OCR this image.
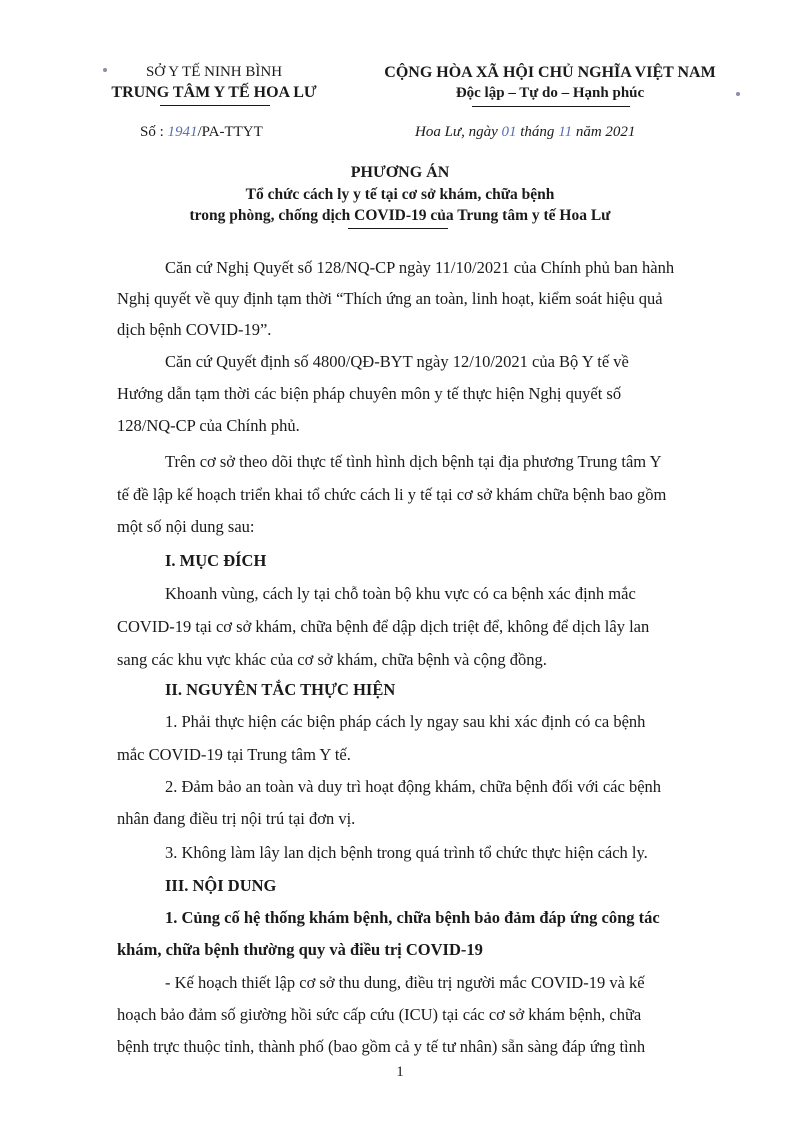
SỞ Y TẾ NINH BÌNH
TRUNG TÂM Y TẾ HOA LƯ
CỘNG HÒA XÃ HỘI CHỦ NGHĨA VIỆT NAM
Độc lập – Tự do – Hạnh phúc
Số : 1941/PA-TTYT	Hoa Lư, ngày 01 tháng 11 năm 2021
PHƯƠNG ÁN
Tổ chức cách ly y tế tại cơ sở khám, chữa bệnh
trong phòng, chống dịch COVID-19 của Trung tâm y tế Hoa Lư
Căn cứ Nghị Quyết số 128/NQ-CP ngày 11/10/2021 của Chính phủ ban hành
Nghị quyết về quy định tạm thời “Thích ứng an toàn, linh hoạt, kiểm soát hiệu quả
dịch bệnh COVID-19”.
Căn cứ Quyết định số 4800/QĐ-BYT ngày 12/10/2021 của Bộ Y tế về
Hướng dẫn tạm thời các biện pháp chuyên môn y tế thực hiện Nghị quyết số
128/NQ-CP của Chính phủ.
Trên cơ sở theo dõi thực tế tình hình dịch bệnh tại địa phương Trung tâm Y
tế đề lập kế hoạch triển khai tổ chức cách li y tế tại cơ sở khám chữa bệnh bao gồm
một số nội dung sau:
I. MỤC ĐÍCH
Khoanh vùng, cách ly tại chỗ toàn bộ khu vực có ca bệnh xác định mắc
COVID-19 tại cơ sở khám, chữa bệnh để dập dịch triệt để, không để dịch lây lan
sang các khu vực khác của cơ sở khám, chữa bệnh và cộng đồng.
II. NGUYÊN TẮC THỰC HIỆN
1. Phải thực hiện các biện pháp cách ly ngay sau khi xác định có ca bệnh
mắc COVID-19 tại Trung tâm Y tế.
2. Đảm bảo an toàn và duy trì hoạt động khám, chữa bệnh đối với các bệnh
nhân đang điều trị nội trú tại đơn vị.
3. Không làm lây lan dịch bệnh trong quá trình tổ chức thực hiện cách ly.
III. NỘI DUNG
1. Củng cố hệ thống khám bệnh, chữa bệnh bảo đảm đáp ứng công tác
khám, chữa bệnh thường quy và điều trị COVID-19
- Kế hoạch thiết lập cơ sở thu dung, điều trị người mắc COVID-19 và kế
hoạch bảo đảm số giường hồi sức cấp cứu (ICU) tại các cơ sở khám bệnh, chữa
bệnh trực thuộc tỉnh, thành phố (bao gồm cả y tế tư nhân) sẵn sàng đáp ứng tình
1
